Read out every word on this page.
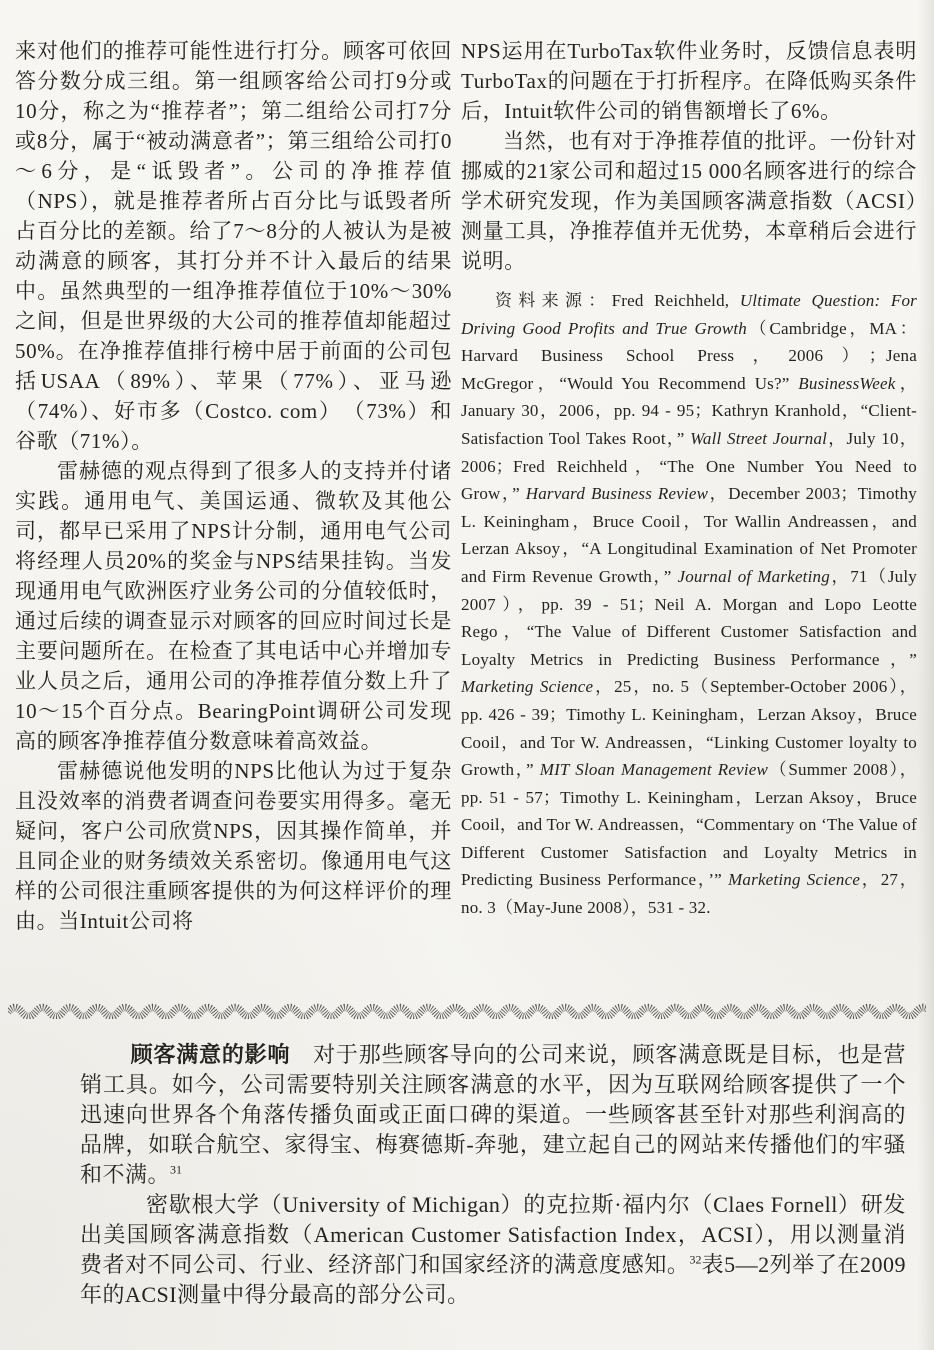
来对他们的推荐可能性进行打分。顾客可依回答分数分成三组。第一组顾客给公司打9分或10分，称之为“推荐者”；第二组给公司打7分或8分，属于“被动满意者”；第三组给公司打0～6分，是“诋毁者”。公司的净推荐值（NPS），就是推荐者所占百分比与诋毁者所占百分比的差额。给了7～8分的人被认为是被动满意的顾客，其打分并不计入最后的结果中。虽然典型的一组净推荐值位于10%～30%之间，但是世界级的大公司的推荐值却能超过50%。在净推荐值排行榜中居于前面的公司包括USAA（89%）、苹果（77%）、亚马逊（74%）、好市多（Costco. com）　（73%）和谷歌（71%）。

雷赫德的观点得到了很多人的支持并付诸实践。通用电气、美国运通、微软及其他公司，都早已采用了NPS计分制，通用电气公司将经理人员20%的奖金与NPS结果挂钩。当发现通用电气欧洲医疗业务公司的分值较低时，通过后续的调查显示对顾客的回应时间过长是主要问题所在。在检查了其电话中心并增加专业人员之后，通用公司的净推荐值分数上升了10～15个百分点。BearingPoint调研公司发现高的顾客净推荐值分数意味着高效益。

雷赫德说他发明的NPS比他认为过于复杂且没效率的消费者调查问卷要实用得多。毫无疑问，客户公司欣赏NPS，因其操作简单，并且同企业的财务绩效关系密切。像通用电气这样的公司很注重顾客提供的为何这样评价的理由。当Intuit公司将

NPS运用在TurboTax软件业务时，反馈信息表明TurboTax的问题在于打折程序。在降低购买条件后，Intuit软件公司的销售额增长了6%。

当然，也有对于净推荐值的批评。一份针对挪威的21家公司和超过15 000名顾客进行的综合学术研究发现，作为美国顾客满意指数（ACSI）测量工具，净推荐值并无优势，本章稍后会进行说明。

资料来源：Fred Reichheld, Ultimate Question: For Driving Good Profits and True Growth（Cambridge，MA：Harvard Business School Press，2006）；Jena McGregor，“Would You Recommend Us?” BusinessWeek，January 30，2006，pp. 94 - 95；Kathryn Kranhold，“Client-Satisfaction Tool Takes Root，” Wall Street Journal，July 10，2006；Fred Reichheld，“The One Number You Need to Grow，” Harvard Business Review，December 2003；Timothy L. Keiningham，Bruce Cooil，Tor Wallin Andreassen，and Lerzan Aksoy，“A Longitudinal Examination of Net Promoter and Firm Revenue Growth，” Journal of Marketing，71（July 2007），pp. 39 - 51；Neil A. Morgan and Lopo Leotte Rego，“The Value of Different Customer Satisfaction and Loyalty Metrics in Predicting Business Performance，” Marketing Science，25，no. 5（September-October 2006），pp. 426 - 39；Timothy L. Keiningham，Lerzan Aksoy，Bruce Cooil，and Tor W. Andreassen，“Linking Customer loyalty to Growth，” MIT Sloan Management Review（Summer 2008），pp. 51 - 57；Timothy L. Keiningham，Lerzan Aksoy，Bruce Cooil，and Tor W. Andreassen，“Commentary on ‘The Value of Different Customer Satisfaction and Loyalty Metrics in Predicting Business Performance，’” Marketing Science，27，no. 3（May-June 2008），531 - 32.

顾客满意的影响　对于那些顾客导向的公司来说，顾客满意既是目标，也是营销工具。如今，公司需要特别关注顾客满意的水平，因为互联网给顾客提供了一个迅速向世界各个角落传播负面或正面口碑的渠道。一些顾客甚至针对那些利润高的品牌，如联合航空、家得宝、梅赛德斯-奔驰，建立起自己的网站来传播他们的牢骚和不满。$^{31}$

密歇根大学（University of Michigan）的克拉斯·福内尔（Claes Fornell）研发出美国顾客满意指数（American Customer Satisfaction Index，ACSI），用以测量消费者对不同公司、行业、经济部门和国家经济的满意度感知。$^{32}$表5—2列举了在2009年的ACSI测量中得分最高的部分公司。
